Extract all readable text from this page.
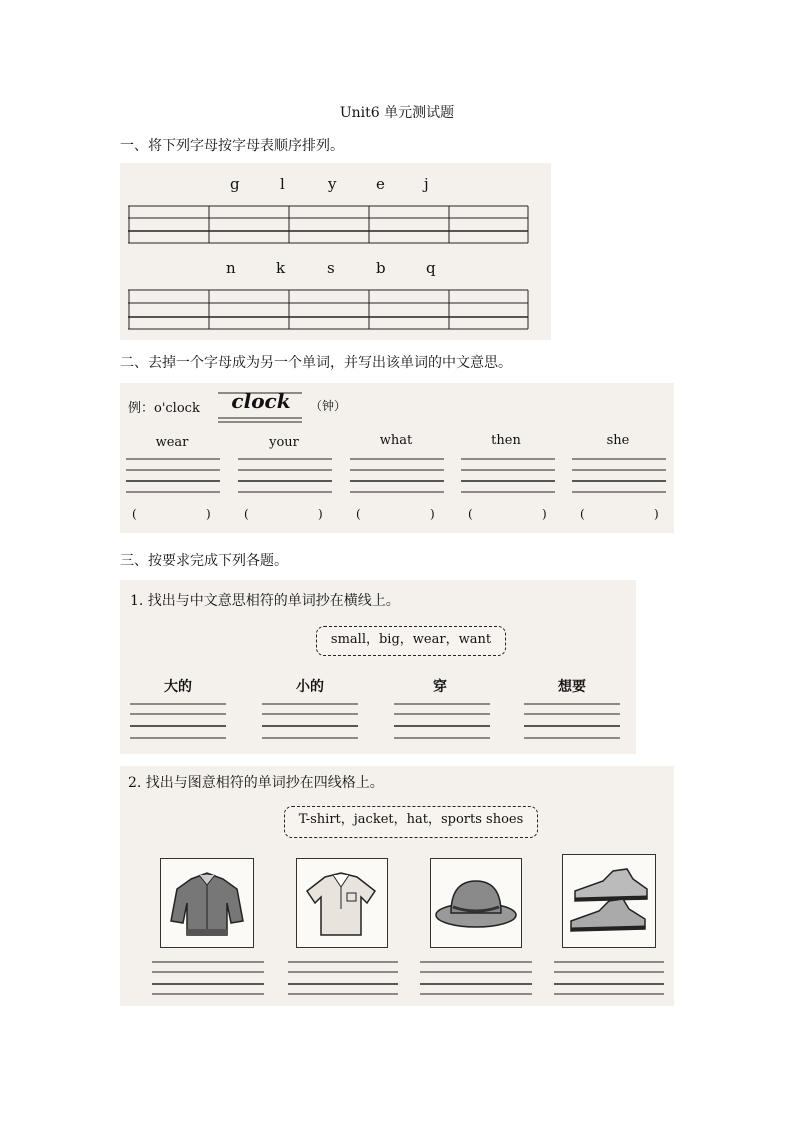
Unit6 单元测试题
一、将下列字母按字母表顺序排列。
g	l	y	e	j
n	k	s	b	q
二、去掉一个字母成为另一个单词，并写出该单词的中文意思。
例：o'clock	clock	（钟）
wear	your	what	then	she
(	)	(	)	(	)	(	)	(	)
三、按要求完成下列各题。
1. 找出与中文意思相符的单词抄在横线上。
small，big，wear，want
大的	小的	穿	想要
2. 找出与图意相符的单词抄在四线格上。
T-shirt，jacket，hat，sports shoes
